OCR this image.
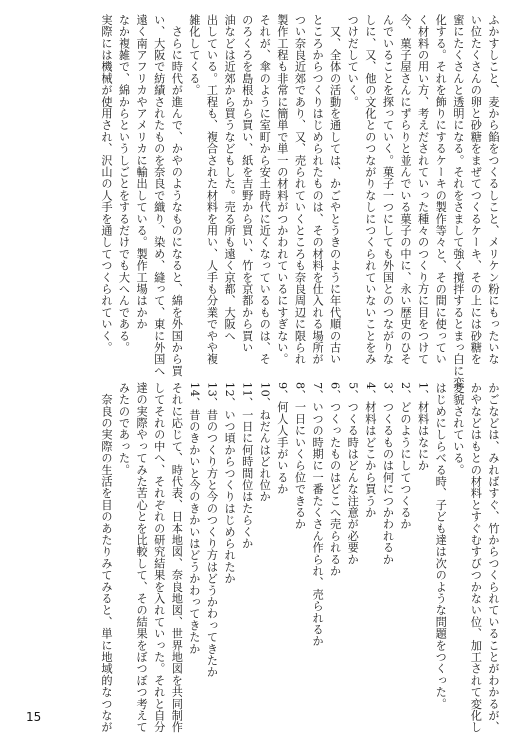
ふかすしこと、麦から餡をつくるしこと、メリケン粉にもったいな
い位たくさんの卵と砂糖をまぜてつくるケーキ、その上には砂糖を
蜜にたくさんと透明になる。それをさまして強く撹拌するとまっ白に変
化する。それを飾りにするケーキの製作等々と、その間に使ってい
く材料の用い方、考えだされていった種々のつくり方に目をつけて
今、菓子屋さんにずらりと並んでいる菓子の中に、永い歴史のひそ
んでいることを探っていく。菓子一つにしても外国とのつながりな
しに、又、他の文化とのつながりなしにつくられていないことをみ
つけだしていく。
　又、全体の活動を通しては、かごやとうきのように年代順の古い
ところからつくりはじめられたものは、その材料を仕入れる場所が
つい奈良近郊であり、又、売られていくところも奈良周辺に限られ
製作工程も非常に簡単で単一の材料がつかわれているにすぎない。
それが、傘のように室町から安土時代に近くなっているものは、そ
のろくろを島根から買い、紙を吉野から買い、竹を京都から買い
油などは近郊から買うなどもした。売る所も遠く京都、大阪へ
出している。工程も、複合された材料を用い、人手も分業でやや複
雑化してくる。
　さらに時代が進んで、かやのようなものになると、綿を外国から買
い、大阪で紡績されたものを奈良で織り、染め、縫って、東に外国へ
遠く南アフリカやアメリカに輸出している。製作工場はかか
なか複雑で、綿からというしごとをするだけでも大へんである。
実際には機械が使用され、沢山の人手を通してつくられていく。
かごなどは、みればすぐ、竹からつくられていることがわかるが、
かやなどはもとの材料とすぐむすびつかない位、加工されて変化し
変貌されている。
はじめにしらべる時、子ども達は次のような問題をつくった。
1、材料はなにか
2、どのようにしてつくるか
3、つくるものは何につかわれるか
4、材料はどこから買うか
5、つくる時はどんな注意が必要か
6、つくったものはどこへ売られるか
7、いつの時期に一番たくさん作られ、売られるか
8、一日にいくら位できるか
9、何人人手がいるか
10、ねだんはどれ位か
11、一日に何時間位はたらくか
12、いつ頃からつくりはじめられたか
13、昔のつくり方と今のつくり方はどうかわってきたか
14、昔のきかいと今のきかいはどうかわってきたか
それに応じて、時代表、日本地図、奈良地図、世界地図を共同制作
してそれの中へ、それぞれの研究結果を入れていった。それと自分
達の実際やってみた苦心とを比較して、その結果をぼつぼつ考えて
みたのであった。
　奈良の実際の生活を目のあたりみてみると、単に地域的なつなが
15
